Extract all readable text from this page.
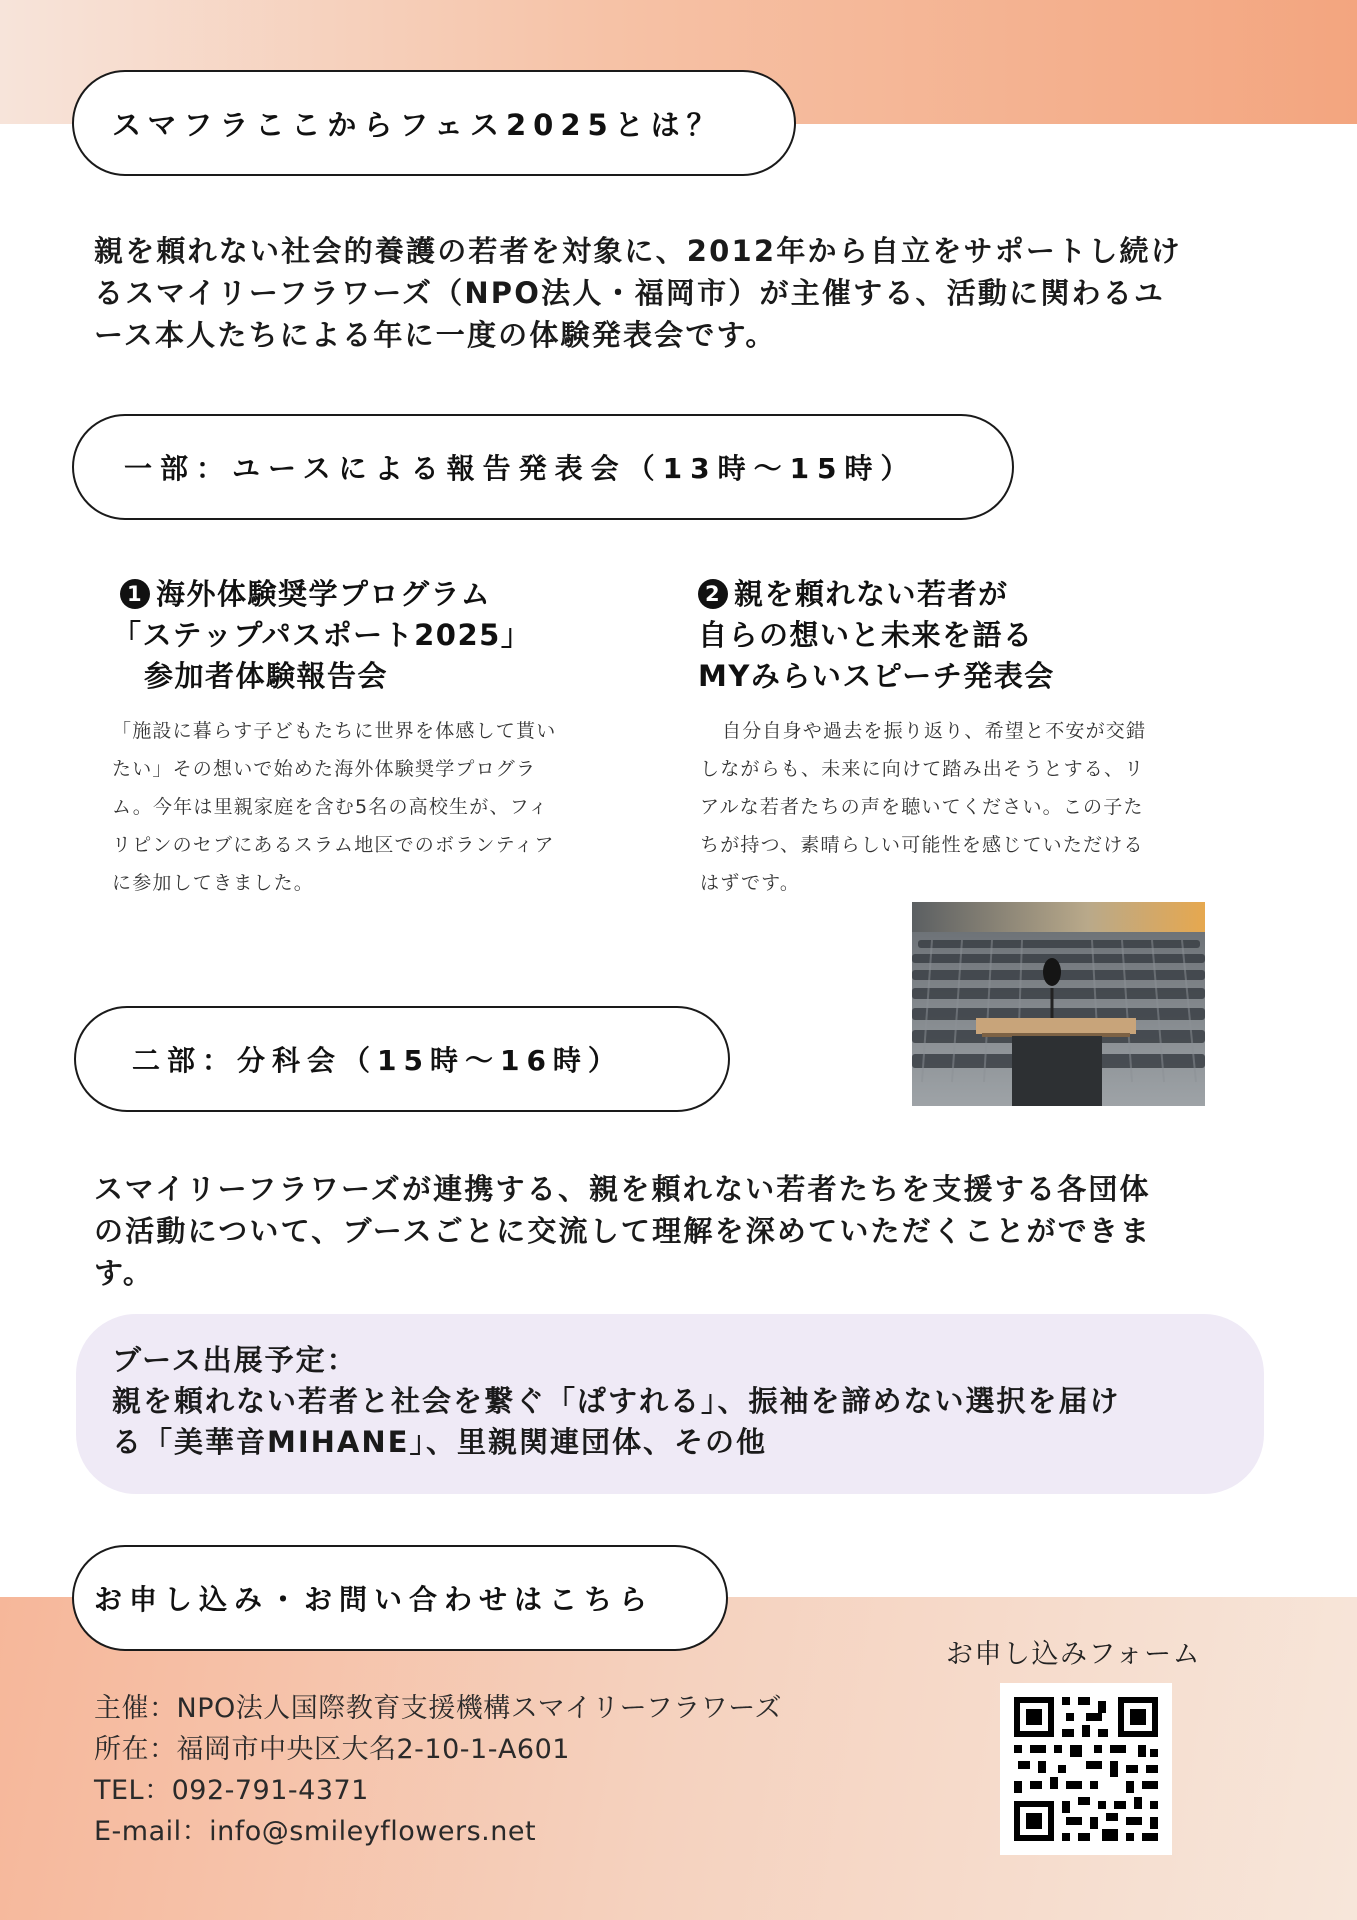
スマフラここからフェス2025とは？
親を頼れない社会的養護の若者を対象に、2012年から自立をサポートし続け
るスマイリーフラワーズ（NPO法人・福岡市）が主催する、活動に関わるユ
ース本人たちによる年に一度の体験発表会です。
一部：ユースによる報告発表会（13時〜15時）
1 海外体験奨学プログラム
「ステップパスポート2025」
参加者体験報告会
「施設に暮らす子どもたちに世界を体感して貰い
たい」その想いで始めた海外体験奨学プログラ
ム。今年は里親家庭を含む5名の高校生が、フィ
リピンのセブにあるスラム地区でのボランティア
に参加してきました。
2 親を頼れない若者が
自らの想いと未来を語る
MYみらいスピーチ発表会
自分自身や過去を振り返り、希望と不安が交錯
しながらも、未来に向けて踏み出そうとする、リ
アルな若者たちの声を聴いてください。この子た
ちが持つ、素晴らしい可能性を感じていただける
はずです。
二部：分科会（15時〜16時）
スマイリーフラワーズが連携する、親を頼れない若者たちを支援する各団体
の活動について、ブースごとに交流して理解を深めていただくことができま
す。
ブース出展予定：
親を頼れない若者と社会を繋ぐ「ぱすれる」、振袖を諦めない選択を届け
る「美華音MIHANE」、里親関連団体、その他
お申し込み・お問い合わせはこちら
主催：NPO法人国際教育支援機構スマイリーフラワーズ
所在：福岡市中央区大名2-10-1-A601
TEL：092-791-4371
E-mail：info@smileyflowers.net
お申し込みフォーム
